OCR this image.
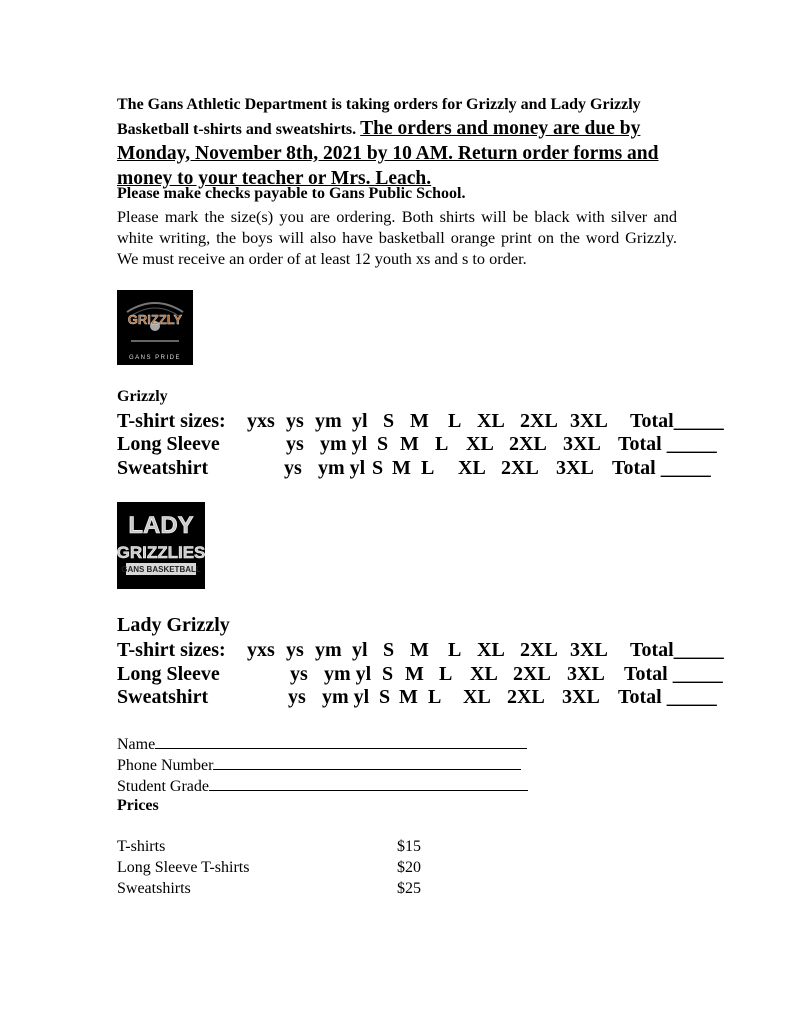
The Gans Athletic Department is taking orders for Grizzly and Lady Grizzly Basketball t-shirts and sweatshirts. The orders and money are due by Monday, November 8th, 2021 by 10 AM. Return order forms and money to your teacher or Mrs. Leach.
Please make checks payable to Gans Public School.
Please mark the size(s) you are ordering. Both shirts will be black with silver and white writing, the boys will also have basketball orange print on the word Grizzly. We must receive an order of at least 12 youth xs and s to order.
GRIZZLY
GANS PRIDE
Grizzly
T-shirt sizes: yxs ys ym yl S M L XL 2XL 3XL Total_____
Long Sleeve	ys ym yl S M L XL 2XL 3XL Total _____
Sweatshirt	ys ym yl S M L XL 2XL 3XL Total _____
LADY
GRIZZLIES
GANS BASKETBALL
Lady Grizzly
T-shirt sizes: yxs ys ym yl S M L XL 2XL 3XL Total_____
Long Sleeve	ys ym yl S M L XL 2XL 3XL Total _____
Sweatshirt	ys ym yl S M L XL 2XL 3XL Total _____
Name
Phone Number
Student Grade
Prices
T-shirts	$15
Long Sleeve T-shirts	$20
Sweatshirts	$25
